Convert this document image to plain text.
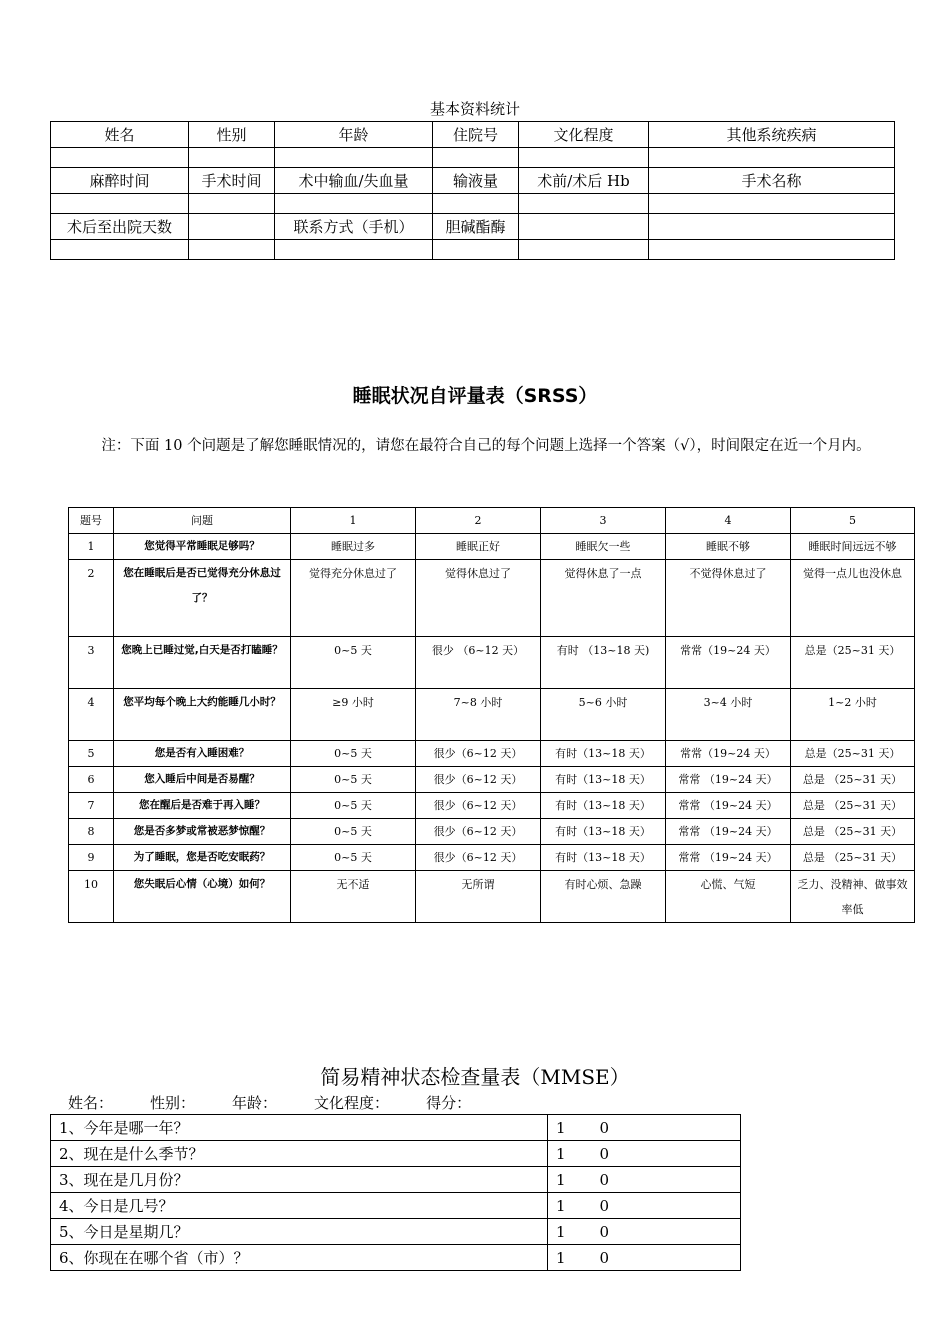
基本资料统计
姓名	性别	年龄	住院号	文化程度	其他系统疾病

麻醉时间	手术时间	术中输血/失血量	输液量	术前/术后 Hb	手术名称

术后至出院天数		联系方式（手机）	胆碱酯酶		

睡眠状况自评量表（SRSS）
注：下面 10 个问题是了解您睡眠情况的，请您在最符合自己的每个问题上选择一个答案（√），时间限定在近一个月内。
题号	问题	1	2	3	4	5
1	您觉得平常睡眠足够吗？	睡眠过多	睡眠正好	睡眠欠一些	睡眠不够	睡眠时间远远不够
2	您在睡眠后是否已觉得充分休息过了？	觉得充分休息过了	觉得休息过了	觉得休息了一点	不觉得休息过了	觉得一点儿也没休息
3	您晚上已睡过觉,白天是否打瞌睡？	0~5 天	很少 （6~12 天）	有时 （13~18 天)	常常（19~24 天）	总是（25~31 天）
4	您平均每个晚上大约能睡几小时？	≥9 小时	7~8 小时	5~6 小时	3~4 小时	1~2 小时
5	您是否有入睡困难？	0~5 天	很少（6~12 天）	有时（13~18 天）	常常（19~24 天）	总是（25~31 天）
6	您入睡后中间是否易醒？	0~5 天	很少（6~12 天）	有时（13~18 天）	常常 （19~24 天）	总是 （25~31 天）
7	您在醒后是否难于再入睡？	0~5 天	很少（6~12 天）	有时（13~18 天）	常常 （19~24 天）	总是 （25~31 天）
8	您是否多梦或常被恶梦惊醒？	0~5 天	很少（6~12 天）	有时（13~18 天）	常常 （19~24 天）	总是 （25~31 天）
9	为了睡眠，您是否吃安眠药？	0~5 天	很少（6~12 天）	有时（13~18 天）	常常 （19~24 天）	总是 （25~31 天）
10	您失眠后心情（心境）如何？	无不适	无所谓	有时心烦、急躁	心慌、气短	乏力、没精神、做事效率低
简易精神状态检查量表（MMSE）
姓名： 性别： 年龄： 文化程度： 得分：
1、今年是哪一年？	1 0
2、现在是什么季节？	1 0
3、现在是几月份？	1 0
4、今日是几号？	1 0
5、今日是星期几？	1 0
6、你现在在哪个省（市）？	1 0
